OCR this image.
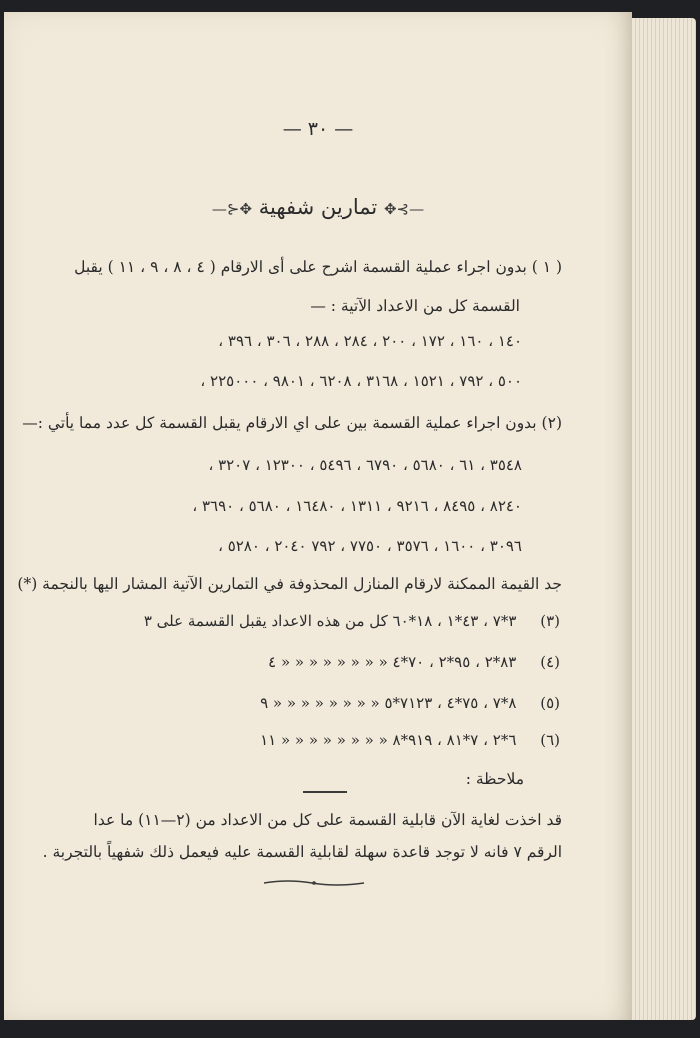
— ٣٠ —
—⊱✥ تمارين شفهية ✥⊰—
( ١ ) بدون اجراء عملية القسمة اشرح على أى الارقام ( ٤ ، ٨ ، ٩ ، ١١ ) يقبل
القسمة كل من الاعداد الآتية : —
١٤٠ ، ١٦٠ ، ١٧٢ ، ٢٠٠ ، ٢٨٤ ، ٢٨٨ ، ٣٠٦ ، ٣٩٦ ،
٥٠٠ ، ٧٩٢ ، ١٥٢١ ، ٣١٦٨ ، ٦٢٠٨ ، ٩٨٠١ ، ٢٢٥٠٠٠ ،
(٢) بدون اجراء عملية القسمة بين على اي الارقام يقبل القسمة كل عدد مما يأتي :—
٣٥٤٨ ، ٦١ ، ٥٦٨٠ ، ٦٧٩٠ ، ٥٤٩٦ ، ١٢٣٠٠ ، ٣٢٠٧ ،
٨٢٤٠ ، ٨٤٩٥ ، ٩٢١٦ ، ١٣١١ ، ١٦٤٨٠ ، ٥٦٨٠ ، ٣٦٩٠ ،
٣٠٩٦ ، ١٦٠٠ ، ٣٥٧٦ ، ٧٧٥٠ ، ٧٩٢ ٢٠٤٠ ، ٥٢٨٠ ،
جد القيمة الممكنة لارقام المنازل المحذوفة في التمارين الآتية المشار اليها بالنجمة (*)
(٣)     ٣*٧ ، ٤٣*١ ، ١٨*٦٠ كل من هذه الاعداد يقبل القسمة على ٣
(٤)     ٨٣*٢ ، ٩٥*٢ ، ٧٠*٤ « « « « « « « « ٤
(٥)     ٨*٧ ، ٧٥*٤ ، ٧١٢٣*٥ « « « « « « « « ٩
(٦)     ٦*٢ ، ٧*٨١ ، ٩١٩*٨ « « « « « « « « ١١
ملاحظة :
قد اخذت لغاية الآن قابلية القسمة على كل من الاعداد من (٢—١١) ما عدا
الرقم ٧ فانه لا توجد قاعدة سهلة لقابلية القسمة عليه فيعمل ذلك شفهياً بالتجربة .
